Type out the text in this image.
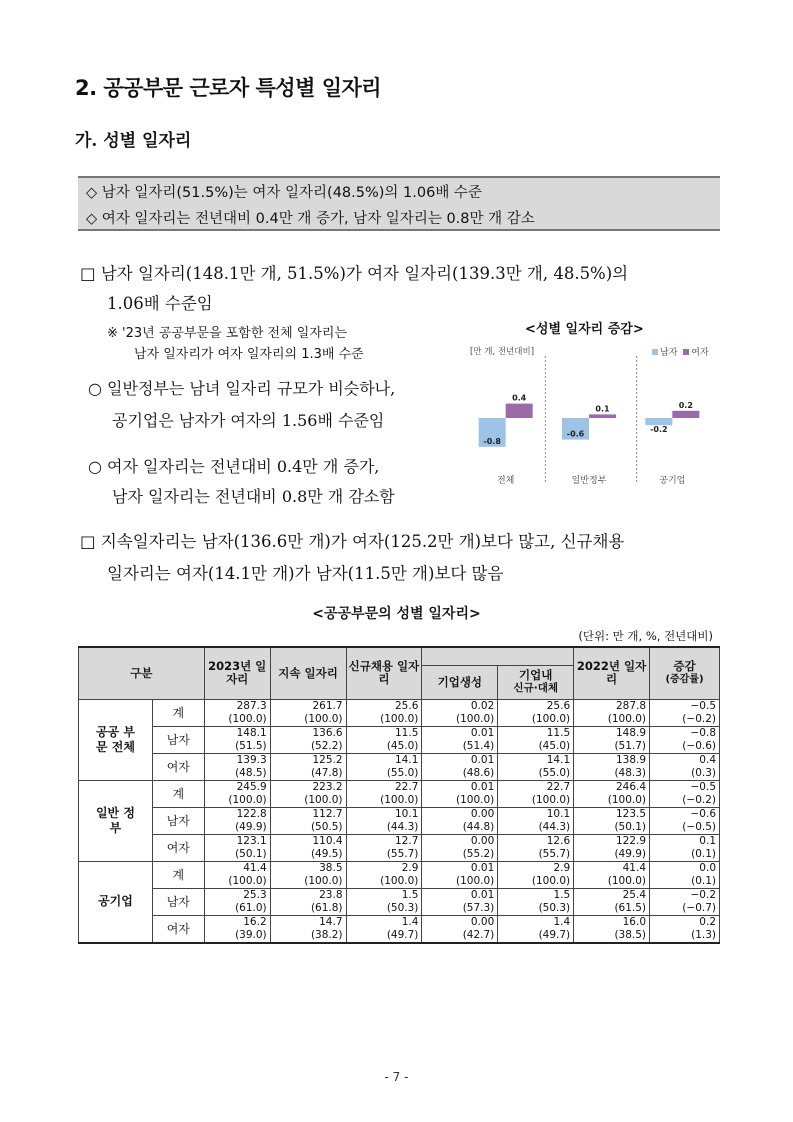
2. 공공부문 근로자 특성별 일자리
가. 성별 일자리
◇ 남자 일자리(51.5%)는 여자 일자리(48.5%)의 1.06배 수준
◇ 여자 일자리는 전년대비 0.4만 개 증가, 남자 일자리는 0.8만 개 감소
□ 남자 일자리(148.1만 개, 51.5%)가 여자 일자리(139.3만 개, 48.5%)의
1.06배 수준임
※ '23년 공공부문을 포함한 전체 일자리는
남자 일자리가 여자 일자리의 1.3배 수준
○ 일반정부는 남녀 일자리 규모가 비슷하나,
공기업은 남자가 여자의 1.56배 수준임
○ 여자 일자리는 전년대비 0.4만 개 증가,
남자 일자리는 전년대비 0.8만 개 감소함
<성별 일자리 증감>
[만 개, 전년대비]	남자 여자
-0.8
0.4
전체
-0.6
0.1
일반정부
-0.2
0.2
공기업
□ 지속일자리는 남자(136.6만 개)가 여자(125.2만 개)보다 많고, 신규채용
일자리는 여자(14.1만 개)가 남자(11.5만 개)보다 많음
<공공부문의 성별 일자리>
(단위: 만 개, %, 전년대비)
구분		2023년 일자리	지속 일자리	신규채용 일자리			2022년 일자리	증감
(증감률)

					기업생성	기업내
신규·대체		

공공 부문 전체	계	287.3	261.7	25.6	0.02	25.6	287.8	−0.5
		(100.0)	(100.0)	(100.0)	(100.0)	(100.0)	(100.0)	(−0.2)
	남자	148.1	136.6	11.5	0.01	11.5	148.9	−0.8
		(51.5)	(52.2)	(45.0)	(51.4)	(45.0)	(51.7)	(−0.6)
	여자	139.3	125.2	14.1	0.01	14.1	138.9	0.4
		(48.5)	(47.8)	(55.0)	(48.6)	(55.0)	(48.3)	(0.3)
일반 정부	계	245.9	223.2	22.7	0.01	22.7	246.4	−0.5
		(100.0)	(100.0)	(100.0)	(100.0)	(100.0)	(100.0)	(−0.2)
	남자	122.8	112.7	10.1	0.00	10.1	123.5	−0.6
		(49.9)	(50.5)	(44.3)	(44.8)	(44.3)	(50.1)	(−0.5)
	여자	123.1	110.4	12.7	0.00	12.6	122.9	0.1
		(50.1)	(49.5)	(55.7)	(55.2)	(55.7)	(49.9)	(0.1)
공기업	계	41.4	38.5	2.9	0.01	2.9	41.4	0.0
		(100.0)	(100.0)	(100.0)	(100.0)	(100.0)	(100.0)	(0.1)
	남자	25.3	23.8	1.5	0.01	1.5	25.4	−0.2
		(61.0)	(61.8)	(50.3)	(57.3)	(50.3)	(61.5)	(−0.7)
	여자	16.2	14.7	1.4	0.00	1.4	16.0	0.2
		(39.0)	(38.2)	(49.7)	(42.7)	(49.7)	(38.5)	(1.3)
- 7 -
